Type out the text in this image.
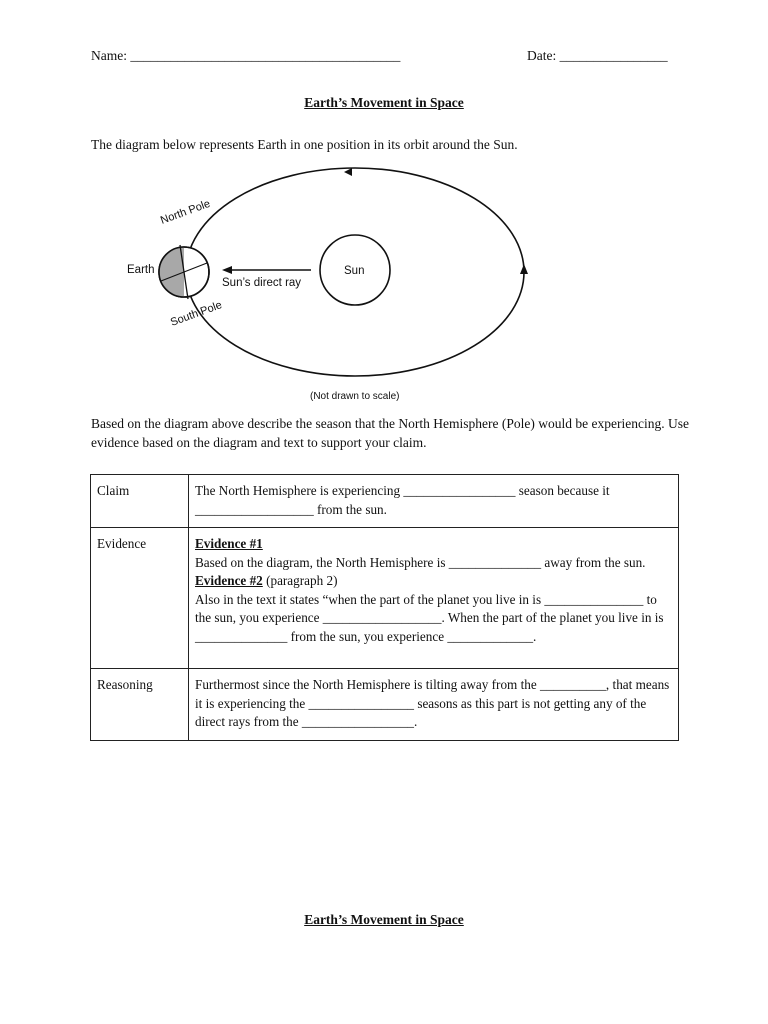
Name: ________________________________________	Date: ________________
Earth’s Movement in Space
The diagram below represents Earth in one position in its orbit around the Sun.
North Pole
South Pole
Earth
Sun’s direct ray
Sun
(Not drawn to scale)
Based on the diagram above describe the season that the North Hemisphere (Pole) would be experiencing. Use evidence based on the diagram and text to support your claim.
Claim	The North Hemisphere is experiencing _________________ season because it __________________ from the sun.
Evidence	Evidence #1
Based on the diagram, the North Hemisphere is ______________ away from the sun.
Evidence #2 (paragraph 2)
Also in the text it states “when the part of the planet you live in is _______________ to the sun, you experience __________________. When the part of the planet you live in is ______________ from the sun, you experience _____________.

Reasoning	Furthermost since the North Hemisphere is tilting away from the __________, that means it is experiencing the ________________ seasons as this part is not getting any of the direct rays from the _________________.
Earth’s Movement in Space
